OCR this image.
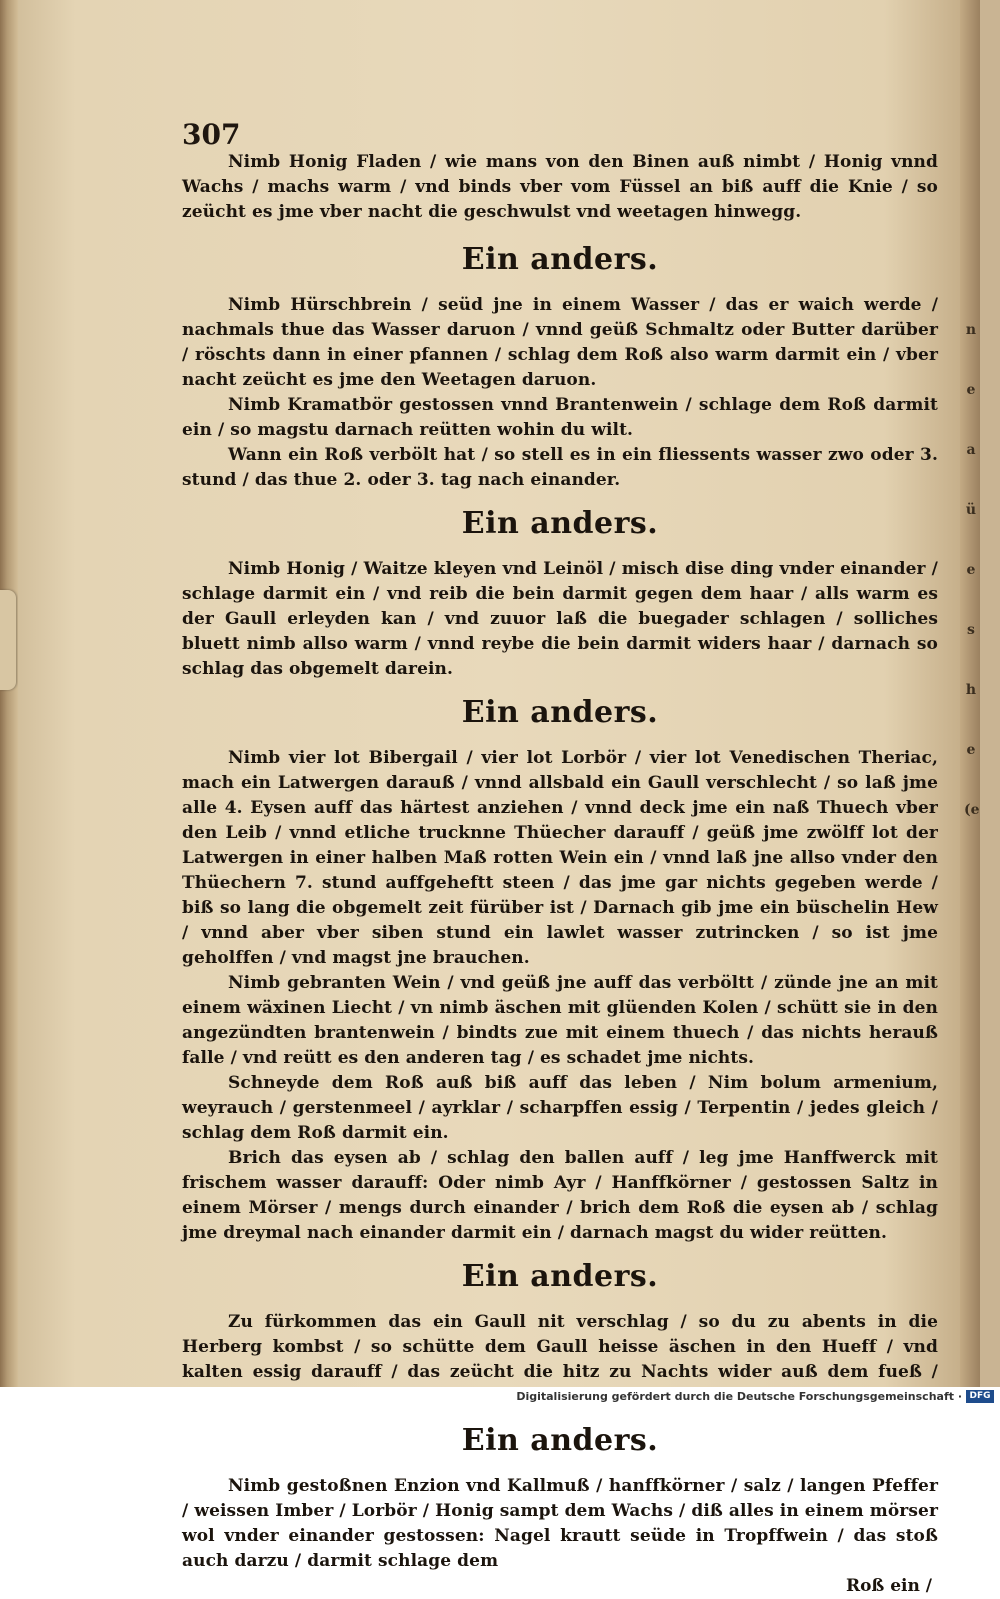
n
e
a
ü
e
s
h
e
(e
307

Nimb Honig Fladen / wie mans von den Binen auß nimbt / Honig vnnd Wachs / machs warm / vnd binds vber vom Füssel an biß auff die Knie / so zeücht es jme vber nacht die geschwulst vnd weetagen hinwegg.

Ein anders.

Nimb Hürschbrein / seüd jne in einem Wasser / das er waich werde / nachmals thue das Wasser daruon / vnnd geüß Schmaltz oder Butter darüber / röschts dann in einer pfannen / schlag dem Roß also warm darmit ein / vber nacht zeücht es jme den Weetagen daruon.

Nimb Kramatbör gestossen vnnd Brantenwein / schlage dem Roß darmit ein / so magstu darnach reütten wohin du wilt.

Wann ein Roß verbölt hat / so stell es in ein fliessents wasser zwo oder 3. stund / das thue 2. oder 3. tag nach einander.

Ein anders.

Nimb Honig / Waitze kleyen vnd Leinöl / misch dise ding vnder einander / schlage darmit ein / vnd reib die bein darmit gegen dem haar / alls warm es der Gaull erleyden kan / vnd zuuor laß die buegader schlagen / solliches bluett nimb allso warm / vnnd reybe die bein darmit widers haar / darnach so schlag das obgemelt darein.

Ein anders.

Nimb vier lot Bibergail / vier lot Lorbör / vier lot Venedischen Theriac, mach ein Latwergen darauß / vnnd allsbald ein Gaull verschlecht / so laß jme alle 4. Eysen auff das härtest anziehen / vnnd deck jme ein naß Thuech vber den Leib / vnnd etliche trucknne Thüecher darauff / geüß jme zwölff lot der Latwergen in einer halben Maß rotten Wein ein / vnnd laß jne allso vnder den Thüechern 7. stund auffgeheftt steen / das jme gar nichts gegeben werde / biß so lang die obgemelt zeit fürüber ist / Darnach gib jme ein büschelin Hew / vnnd aber vber siben stund ein lawlet wasser zutrincken / so ist jme geholffen / vnd magst jne brauchen.

Nimb gebranten Wein / vnd geüß jne auff das verböltt / zünde jne an mit einem wäxinen Liecht / vn nimb äschen mit glüenden Kolen / schütt sie in den angezündten brantenwein / bindts zue mit einem thuech / das nichts herauß falle / vnd reütt es den anderen tag / es schadet jme nichts.

Schneyde dem Roß auß biß auff das leben / Nim bolum armenium, weyrauch / gerstenmeel / ayrklar / scharpffen essig / Terpentin / jedes gleich / schlag dem Roß darmit ein.

Brich das eysen ab / schlag den ballen auff / leg jme Hanffwerck mit frischem wasser darauff: Oder nimb Ayr / Hanffkörner / gestossen Saltz in einem Mörser / mengs durch einander / brich dem Roß die eysen ab / schlag jme dreymal nach einander darmit ein / darnach magst du wider reütten.

Ein anders.

Zu fürkommen das ein Gaull nit verschlag / so du zu abents in die Herberg kombst / so schütte dem Gaull heisse äschen in den Hueff / vnd kalten essig darauff / das zeücht die hitz zu Nachts wider auß dem fueß /

Ein anders.

Nimb gestoßnen Enzion vnd Kallmuß / hanffkörner / salz / langen Pfeffer / weissen Imber / Lorbör / Honig sampt dem Wachs / diß alles in einem mörser wol vnder einander gestossen: Nagel krautt seüde in Tropffwein / das stoß auch darzu / darmit schlage dem

Roß ein /
Digitalisierung gefördert durch die Deutsche Forschungsgemeinschaft · DFG
